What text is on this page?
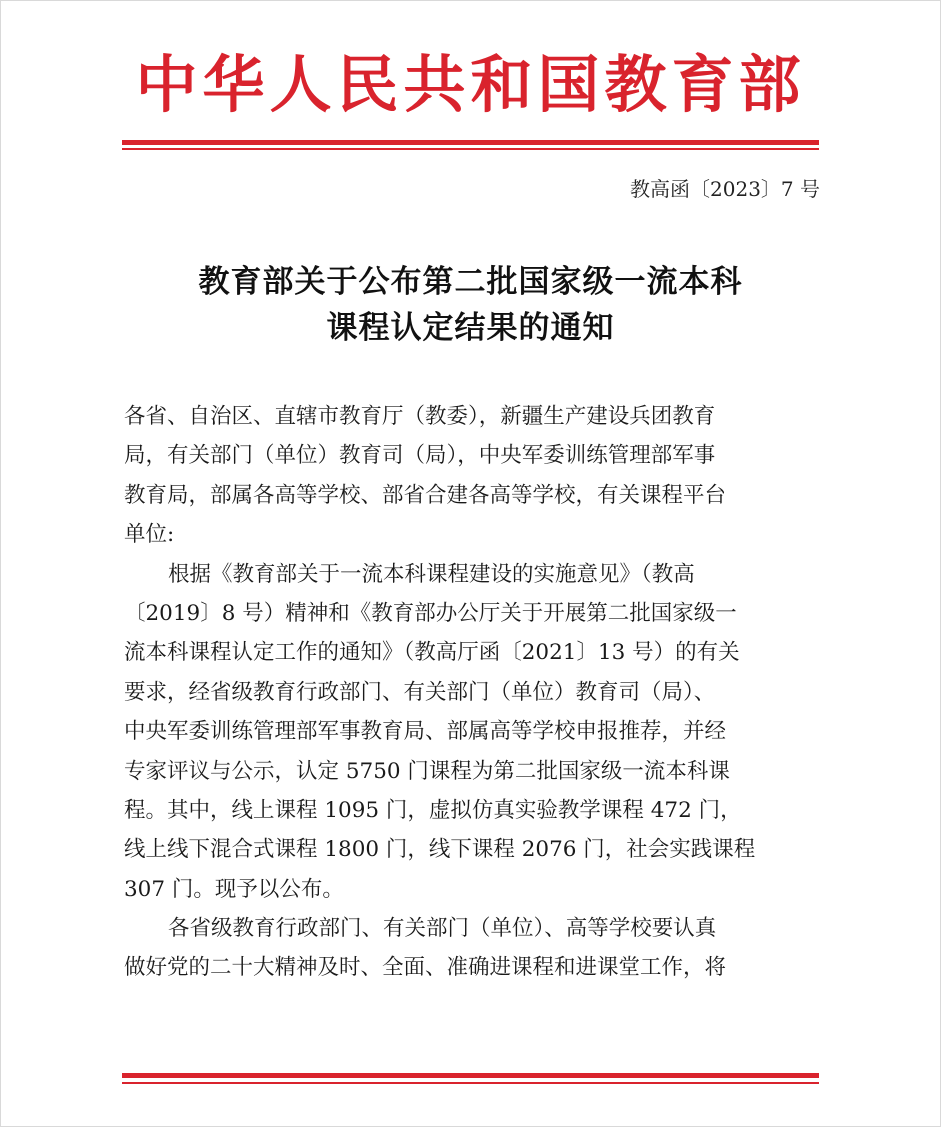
中华人民共和国教育部
教高函〔2023〕7 号
教育部关于公布第二批国家级一流本科
课程认定结果的通知
各省、自治区、直辖市教育厅（教委），新疆生产建设兵团教育
局，有关部门（单位）教育司（局），中央军委训练管理部军事
教育局，部属各高等学校、部省合建各高等学校，有关课程平台
单位:
根据《教育部关于一流本科课程建设的实施意见》（教高
〔2019〕8 号）精神和《教育部办公厅关于开展第二批国家级一
流本科课程认定工作的通知》（教高厅函〔2021〕13 号）的有关
要求，经省级教育行政部门、有关部门（单位）教育司（局）、
中央军委训练管理部军事教育局、部属高等学校申报推荐，并经
专家评议与公示，认定 5750 门课程为第二批国家级一流本科课
程。其中，线上课程 1095 门，虚拟仿真实验教学课程 472 门，
线上线下混合式课程 1800 门，线下课程 2076 门，社会实践课程
307 门。现予以公布。
各省级教育行政部门、有关部门（单位）、高等学校要认真
做好党的二十大精神及时、全面、准确进课程和进课堂工作，将
